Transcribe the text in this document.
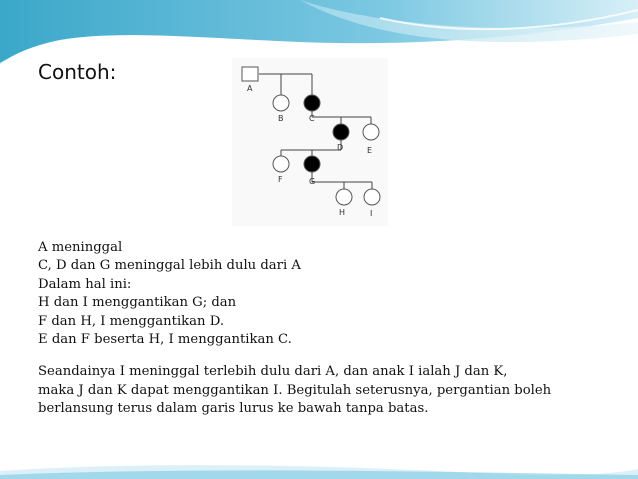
Contoh:
A
B	C
D	E
F	G
H	I
A meninggal
C, D dan G meninggal lebih dulu dari A
Dalam hal ini:
H dan I menggantikan G; dan
F dan H, I menggantikan D.
E dan F beserta H, I menggantikan C.
Seandainya I meninggal terlebih dulu dari A, dan anak I ialah J dan K,
maka J dan K dapat menggantikan I. Begitulah seterusnya, pergantian boleh
berlansung terus dalam garis lurus ke bawah tanpa batas.
